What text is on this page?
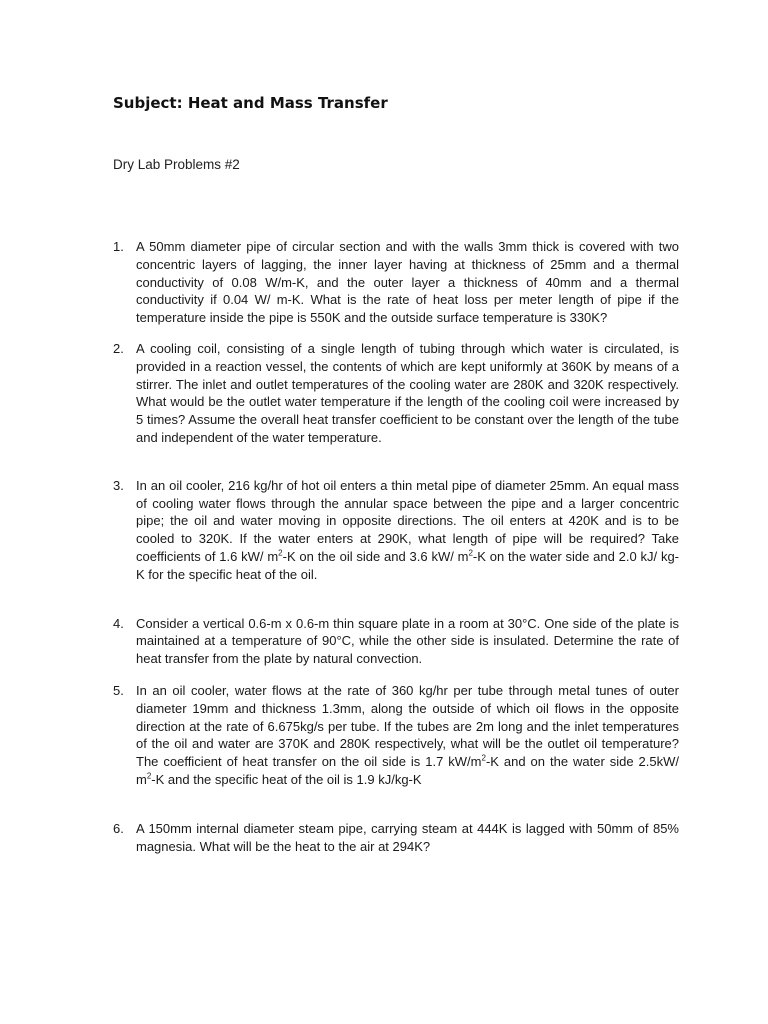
Subject: Heat and Mass Transfer
Dry Lab Problems #2
1. A 50mm diameter pipe of circular section and with the walls 3mm thick is covered with two concentric layers of lagging, the inner layer having at thickness of 25mm and a thermal conductivity of 0.08 W/m-K, and the outer layer a thickness of 40mm and a thermal conductivity if 0.04 W/ m-K. What is the rate of heat loss per meter length of pipe if the temperature inside the pipe is 550K and the outside surface temperature is 330K?
2. A cooling coil, consisting of a single length of tubing through which water is circulated, is provided in a reaction vessel, the contents of which are kept uniformly at 360K by means of a stirrer. The inlet and outlet temperatures of the cooling water are 280K and 320K respectively. What would be the outlet water temperature if the length of the cooling coil were increased by 5 times? Assume the overall heat transfer coefficient to be constant over the length of the tube and independent of the water temperature.
3. In an oil cooler, 216 kg/hr of hot oil enters a thin metal pipe of diameter 25mm. An equal mass of cooling water flows through the annular space between the pipe and a larger concentric pipe; the oil and water moving in opposite directions. The oil enters at 420K and is to be cooled to 320K. If the water enters at 290K, what length of pipe will be required? Take coefficients of 1.6 kW/ $m^2-K$ on the oil side and 3.6 kW/ $m^2-K$ on the water side and 2.0 kJ/ kg-K for the specific heat of the oil.
4. Consider a vertical 0.6-m x 0.6-m thin square plate in a room at 30°C. One side of the plate is maintained at a temperature of 90°C, while the other side is insulated. Determine the rate of heat transfer from the plate by natural convection.
5. In an oil cooler, water flows at the rate of 360 kg/hr per tube through metal tunes of outer diameter 19mm and thickness 1.3mm, along the outside of which oil flows in the opposite direction at the rate of 6.675kg/s per tube. If the tubes are 2m long and the inlet temperatures of the oil and water are 370K and 280K respectively, what will be the outlet oil temperature? The coefficient of heat transfer on the oil side is 1.7 $kW/m^2-K$ and on the water side 2.5kW/ $m^2-K$ and the specific heat of the oil is 1.9 kJ/kg-K
6. A 150mm internal diameter steam pipe, carrying steam at 444K is lagged with 50mm of 85% magnesia. What will be the heat to the air at 294K?
